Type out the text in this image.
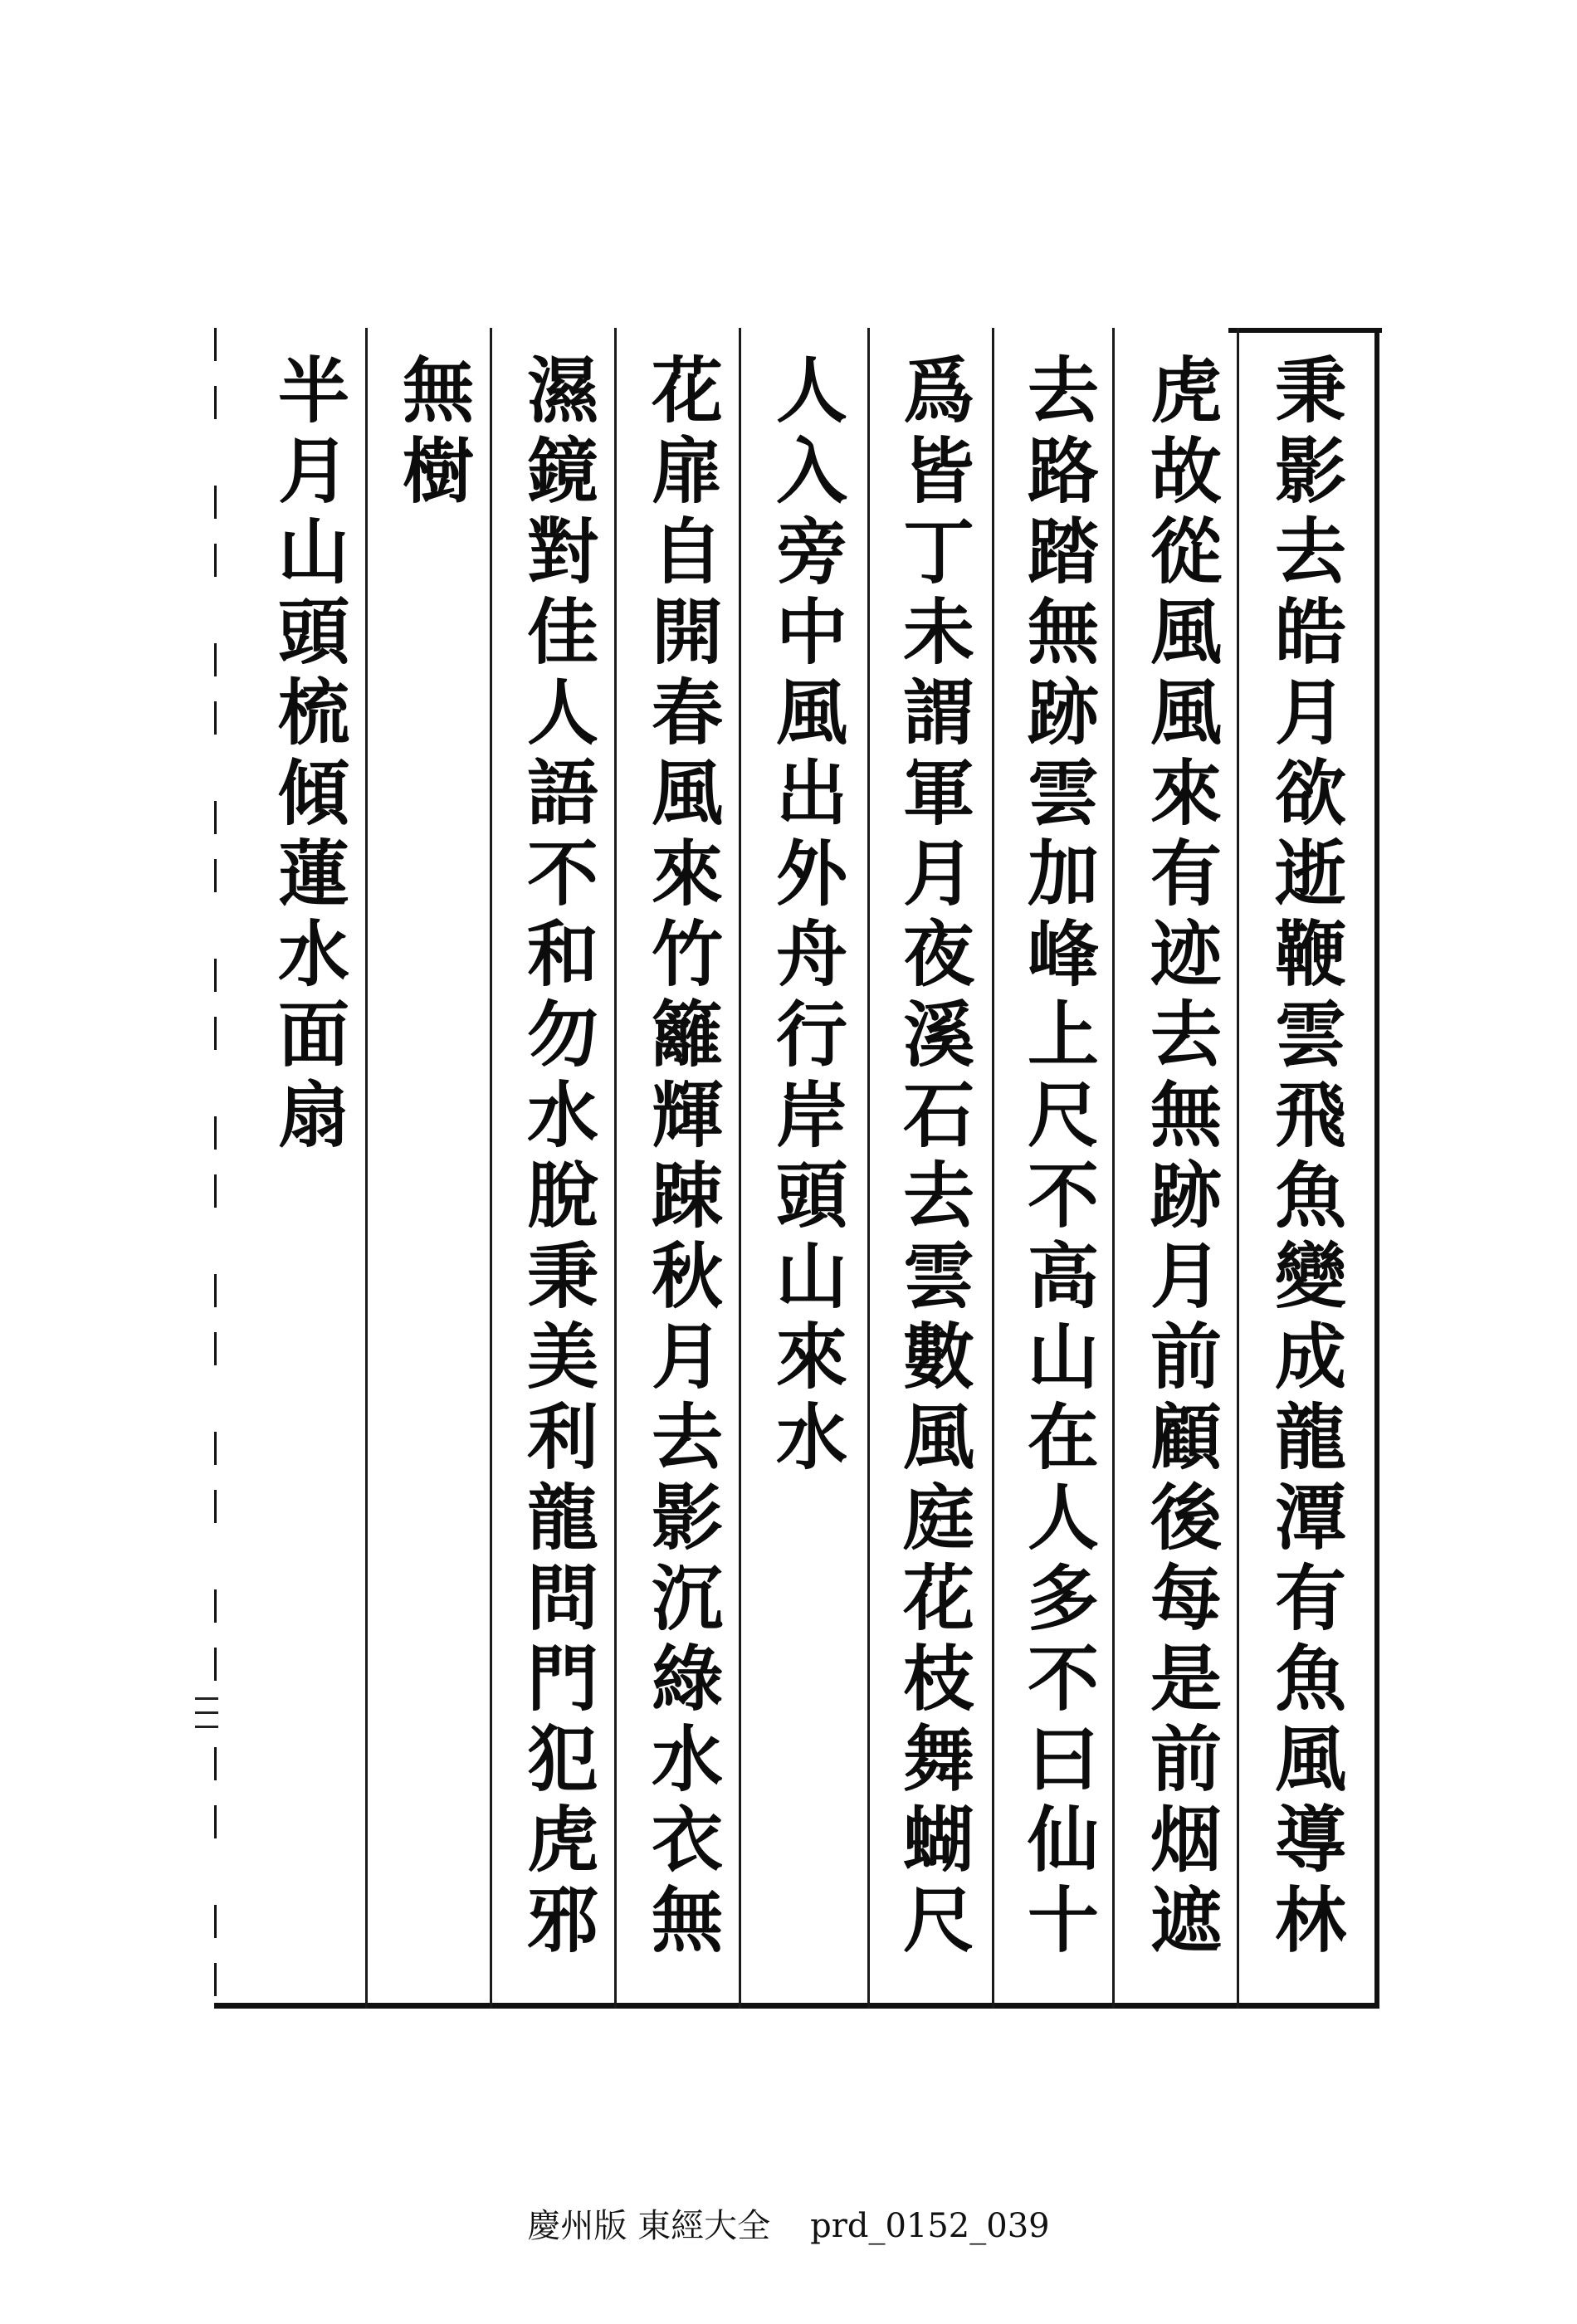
秉影去皓月欲逝鞭雲飛魚變成龍潭有魚風導林
虎故從風風來有迹去無跡月前顧後每是前烟遮
去路踏無跡雲加峰上尺不高山在人多不曰仙十
爲皆丁未謂軍月夜溪石去雲數風庭花枝舞蝴尺
人入旁中風出外舟行岸頭山來水
花扉自開春風來竹籬輝踈秋月去影沉綠水衣無
濕鏡對佳人語不和勿水脫秉美利龍問門犯虎邪
無樹
半月山頭梳傾蓮水面扇
慶州版 東經大全 prd_0152_039
